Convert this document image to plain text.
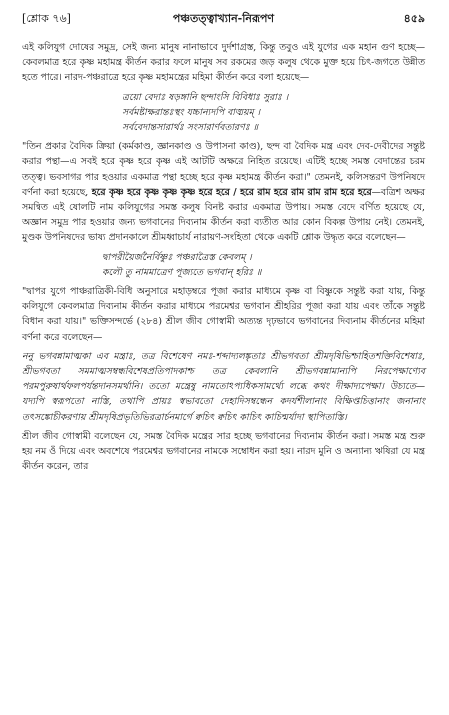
পঞ্চতত্ত্বাখ্যান-নিরূপণ
[শ্লোক ৭৬]	৪৫৯

এই কলিযুগ দোষের সমুদ্র, সেই জন্য মানুষ নানাভাবে দুর্দশাগ্রস্ত, কিন্তু তবুও এই যুগের এক মহান গুণ হচ্ছে—কেবলমাত্র হরে কৃষ্ণ মহামন্ত্র কীর্তন করার ফলে মানুষ সব রকমের জড় কলুষ থেকে মুক্ত হয়ে চিৎ-জগতে উন্নীত হতে পারে। নারদ-পঞ্চরাত্রে হরে কৃষ্ণ মহামন্ত্রের মহিমা কীর্তন করে বলা হয়েছে—

ত্রয়ো বেদাঃ ষড়ঙ্গানি ছন্দাংসি বিবিধাঃ সুরাঃ ।

সর্বমষ্টাক্ষরান্তঃস্থং যচ্চান্যদপি বাঙ্ময়ম্ ।

সর্ববেদান্তসারার্থঃ সংসারার্ণবতারণঃ ॥

"তিন প্রকার বৈদিক ক্রিয়া (কর্মকাণ্ড, জ্ঞানকাণ্ড ও উপাসনা কাণ্ড), ছন্দ বা বৈদিক মন্ত্র এবং দেব-দেবীদের সন্তুষ্ট করার পন্থা—এ সবই হরে কৃষ্ণ হরে কৃষ্ণ এই আটটি অক্ষরে নিহিত রয়েছে। এটিই হচ্ছে সমস্ত বেদান্তের চরম তত্ত্ব। ভবসাগর পার হওয়ার একমাত্র পন্থা হচ্ছে হরে কৃষ্ণ মহামন্ত্র কীর্তন করা।" তেমনই, কলিসন্তরণ উপনিষদে বর্ণনা করা হয়েছে, হরে কৃষ্ণ হরে কৃষ্ণ কৃষ্ণ কৃষ্ণ হরে হরে / হরে রাম হরে রাম রাম রাম হরে হরে—বত্রিশ অক্ষর সমন্বিত এই ষোলটি নাম কলিযুগের সমস্ত কলুষ বিনষ্ট করার একমাত্র উপায়। সমস্ত বেদে বর্ণিত হয়েছে যে, অজ্ঞান সমুদ্র পার হওয়ার জন্য ভগবানের দিব্যনাম কীর্তন করা ব্যতীত আর কোন বিকল্প উপায় নেই। তেমনই, মুণ্ডক উপনিষদের ভাষ্য প্রদানকালে শ্রীমধ্বাচার্য নারায়ণ-সংহিতা থেকে একটি শ্লোক উদ্ধৃত করে বলেছেন—

দ্বাপরীয়ৈর্জনৈর্বিষ্ণুঃ পঞ্চরাত্রৈস্ত কেবলম্ ।

কলৌ তু নামমাত্রেণ পূজ্যতে ভগবান্ হরিঃ ॥

"দ্বাপর যুগে পাঞ্চরাত্রিকী-বিধি অনুসারে মহাড়ম্বরে পূজা করার মাধ্যমে কৃষ্ণ বা বিষ্ণুকে সন্তুষ্ট করা যায়, কিন্তু কলিযুগে কেবলমাত্র দিব্যনাম কীর্তন করার মাধ্যমে পরমেশ্বর ভগবান শ্রীহরির পূজা করা যায় এবং তাঁকে সন্তুষ্ট বিধান করা যায়।" ভক্তিসন্দর্ভে (২৮৪) শ্রীল জীব গোস্বামী অত্যন্ত দৃঢ়ভাবে ভগবানের দিব্যনাম কীর্তনের মহিমা বর্ণনা করে বলেছেন—

ননু ভগবন্নামাত্মকা এব মন্ত্রাঃ, তত্র বিশেষেণ নমঃ-শব্দাদ্যলঙ্কৃতাঃ শ্রীভগবতা শ্রীমদৃষিভিশ্চাহিতশক্তিবিশেষাঃ, শ্রীভগবতা সমমাত্মসম্বন্ধবিশেষপ্রতিপাদকাশ্চ তত্র কেবলানি শ্রীভগবন্নামান্যপি নিরপেক্ষাণ্যেব পরমপুরুষার্থফলপর্যন্তদানসমর্থানি। ততো মন্ত্রেষু নামতোঽপ্যধিকসামর্থ্যে লব্ধে কথং দীক্ষাদ্যপেক্ষা। উচ্যতে—যদ্যপি স্বরূপতো নাস্তি, তথাপি প্রায়ঃ স্বভাবতো দেহাদিসম্বন্ধেন কদর্যশীলানাং বিক্ষিপ্তচিত্তানাং জনানাং তৎসঙ্কোচীকরণায় শ্রীমদৃষিপ্রভৃতিভিরত্রার্চনমার্গে ক্বচিৎ ক্বচিৎ কাচিৎ কাচিন্মর্যাদা স্থাপিতাস্তি।

শ্রীল জীব গোস্বামী বলেছেন যে, সমস্ত বৈদিক মন্ত্রের সার হচ্ছে ভগবানের দিব্যনাম কীর্তন করা। সমস্ত মন্ত্র শুরু হয় নম ওঁ দিয়ে এবং অবশেষে পরমেশ্বর ভগবানের নামকে সম্বোধন করা হয়। নারদ মুনি ও অন্যান্য ঋষিরা যে মন্ত্র কীর্তন করেন, তার
